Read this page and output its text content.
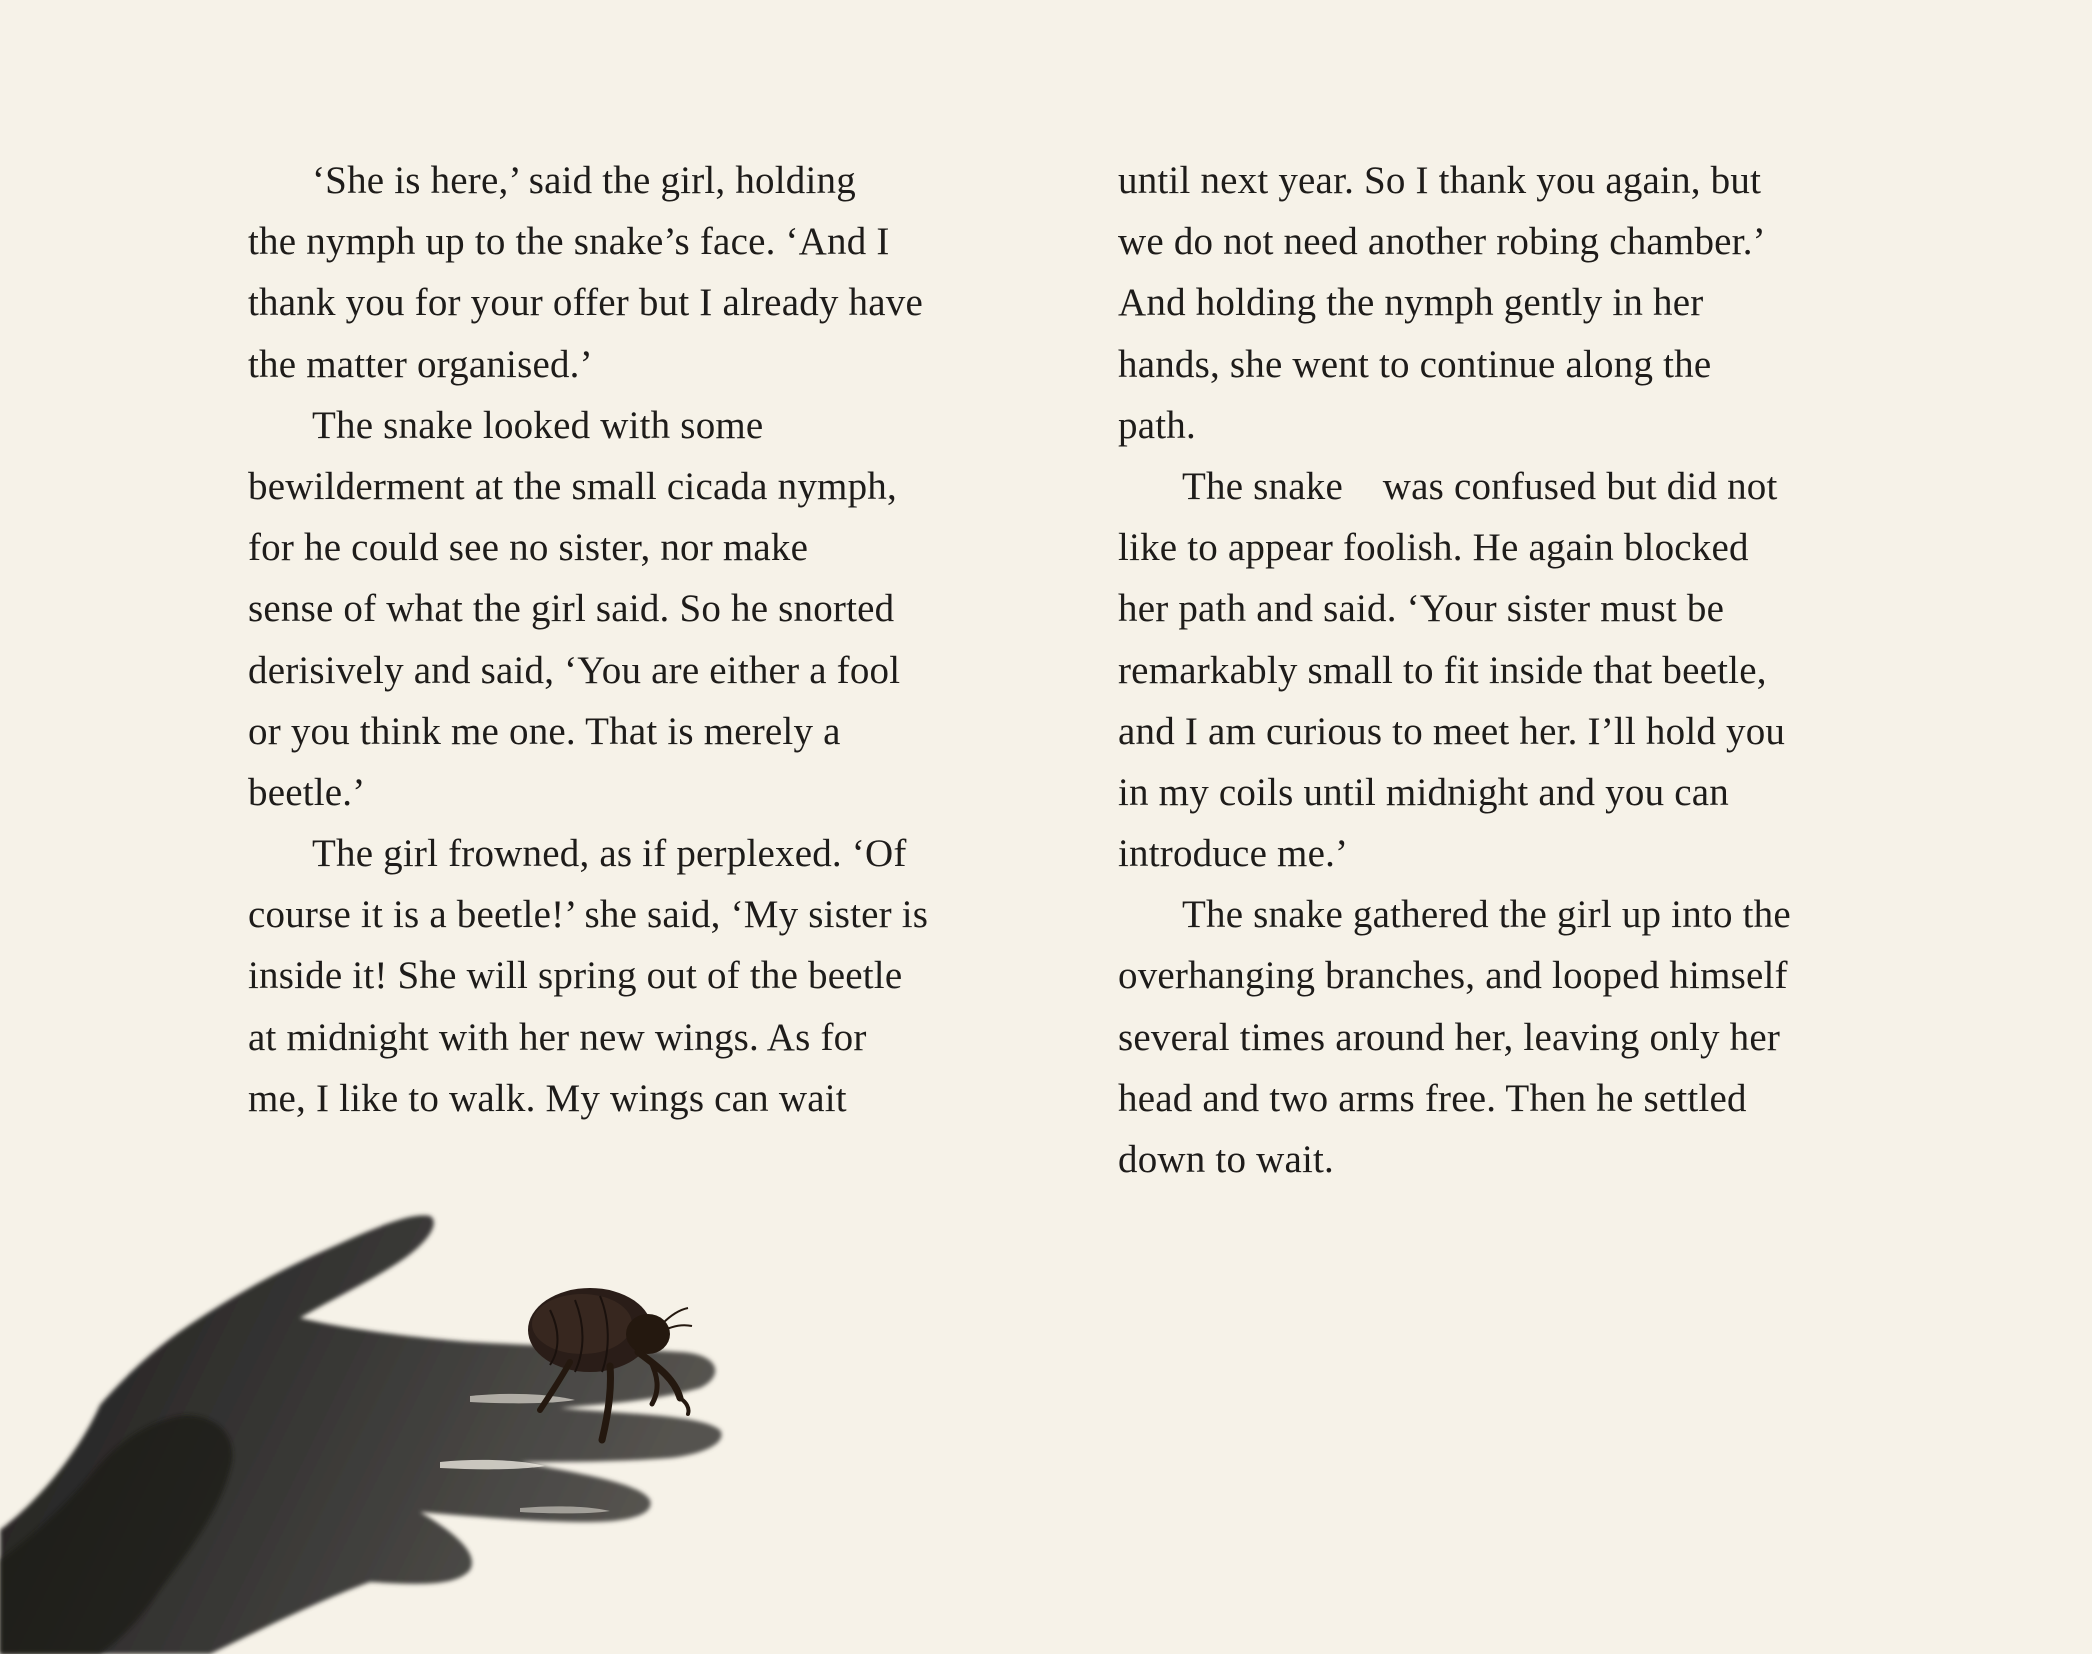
‘She is here,’ said the girl, holding
the nymph up to the snake’s face. ‘And I
thank you for your offer but I already have
the matter organised.’
The snake looked with some
bewilderment at the small cicada nymph,
for he could see no sister, nor make
sense of what the girl said. So he snorted
derisively and said, ‘You are either a fool
or you think me one. That is merely a
beetle.’
The girl frowned, as if perplexed. ‘Of
course it is a beetle!’ she said, ‘My sister is
inside it! She will spring out of the beetle
at midnight with her new wings. As for
me, I like to walk. My wings can wait
until next year. So I thank you again, but
we do not need another robing chamber.’
And holding the nymph gently in her
hands, she went to continue along the
path.
The snake    was confused but did not
like to appear foolish. He again blocked
her path and said. ‘Your sister must be
remarkably small to fit inside that beetle,
and I am curious to meet her. I’ll hold you
in my coils until midnight and you can
introduce me.’
The snake gathered the girl up into the
overhanging branches, and looped himself
several times around her, leaving only her
head and two arms free. Then he settled
down to wait.
